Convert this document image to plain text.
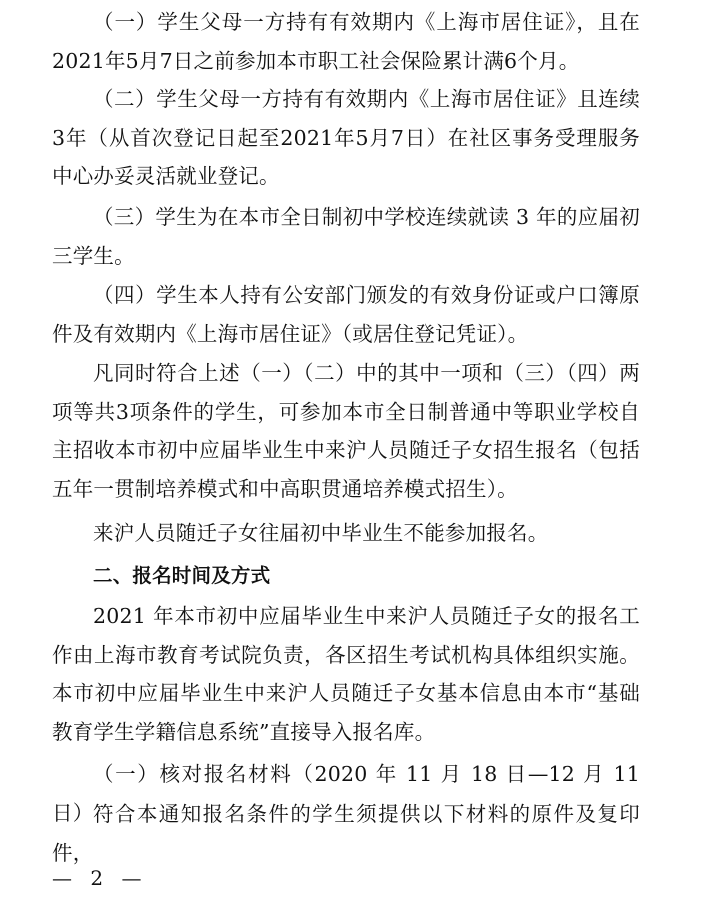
（一）学生父母一方持有有效期内《上海市居住证》，且在 2021年5月7日之前参加本市职工社会保险累计满6个月。

（二）学生父母一方持有有效期内《上海市居住证》且连续 3年（从首次登记日起至2021年5月7日）在社区事务受理服务中心办妥灵活就业登记。

（三）学生为在本市全日制初中学校连续就读 3 年的应届初三学生。

（四）学生本人持有公安部门颁发的有效身份证或户口簿原件及有效期内《上海市居住证》（或居住登记凭证）。

凡同时符合上述（一）（二）中的其中一项和（三）（四）两项等共3项条件的学生，可参加本市全日制普通中等职业学校自主招收本市初中应届毕业生中来沪人员随迁子女招生报名（包括五年一贯制培养模式和中高职贯通培养模式招生）。

来沪人员随迁子女往届初中毕业生不能参加报名。

二、报名时间及方式

2021 年本市初中应届毕业生中来沪人员随迁子女的报名工作由上海市教育考试院负责，各区招生考试机构具体组织实施。本市初中应届毕业生中来沪人员随迁子女基本信息由本市“基础教育学生学籍信息系统”直接导入报名库。

（一）核对报名材料（2020 年 11 月 18 日—12 月 11 日） 符合本通知报名条件的学生须提供以下材料的原件及复印件，

— 2 —
